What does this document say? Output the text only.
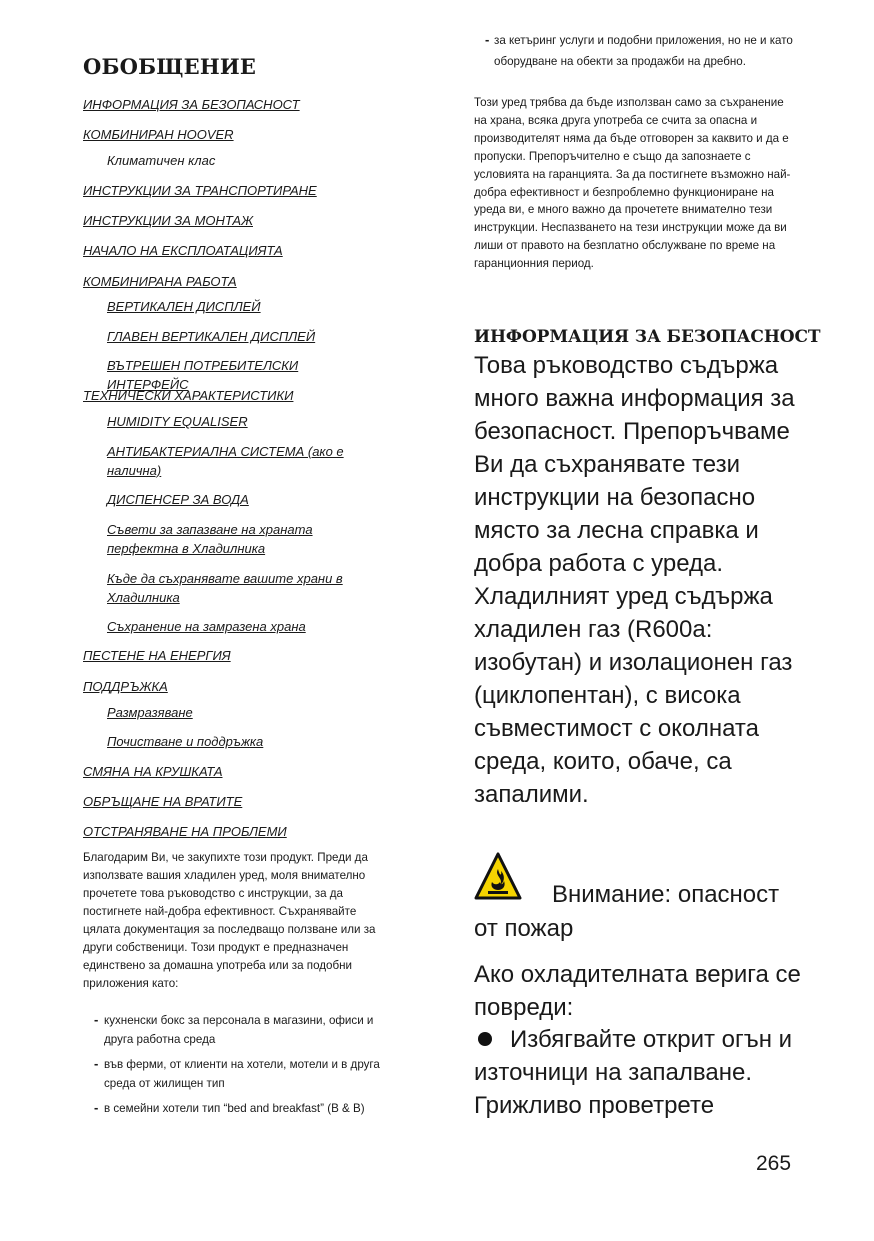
ОБОБЩЕНИЕ
ИНФОРМАЦИЯ ЗА БЕЗОПАСНОСТ
КОМБИНИРАН HOOVER
Климатичен клас
ИНСТРУКЦИИ ЗА ТРАНСПОРТИРАНЕ
ИНСТРУКЦИИ ЗА МОНТАЖ
НАЧАЛО НА ЕКСПЛОАТАЦИЯТА
КОМБИНИРАНА РАБОТА
ВЕРТИКАЛЕН ДИСПЛЕЙ
ГЛАВЕН ВЕРТИКАЛЕН ДИСПЛЕЙ
ВЪТРЕШЕН ПОТРЕБИТЕЛСКИ ИНТЕРФЕЙС
ТЕХНИЧЕСКИ ХАРАКТЕРИСТИКИ
HUMIDITY EQUALISER
АНТИБАКТЕРИАЛНА СИСТЕМА (ако е налична)
ДИСПЕНСЕР ЗА ВОДА
Съвети за запазване на храната перфектна в Хладилника
Къде да съхранявате вашите храни в Хладилника
Съхранение на замразена храна
ПЕСТЕНЕ НА ЕНЕРГИЯ
ПОДДРЪЖКА
Размразяване
Почистване и поддръжка
СМЯНА НА КРУШКАТА
ОБРЪЩАНЕ НА ВРАТИТЕ
ОТСТРАНЯВАНЕ НА ПРОБЛЕМИ

Благодарим Ви, че закупихте този продукт. Преди да използвате вашия хладилен уред, моля внимателно прочетете това ръководство с инструкции, за да постигнете най-добра ефективност. Съхранявайте цялата документация за последващо ползване или за други собственици. Този продукт е предназначен единствено за домашна употреба или за подобни приложения като:

- кухненски бокс за персонала в магазини, офиси и друга работна среда
- във ферми, от клиенти на хотели, мотели и в друга среда от жилищен тип
- в семейни хотели тип “bed and breakfast” (B & B)
- за кетъринг услуги и подобни приложения, но не и като оборудване на обекти за продажби на дребно.

Този уред трябва да бъде използван само за съхранение на храна, всяка друга употреба се счита за опасна и производителят няма да бъде отговорен за каквито и да е пропуски. Препоръчително е също да запознаете с условията на гаранцията. За да постигнете възможно най-добра ефективност и безпроблемно функциониране на уреда ви, е много важно да прочетете внимателно тези инструкции. Неспазването на тези инструкции може да ви лиши от правото на безплатно обслужване по време на гаранционния период.

ИНФОРМАЦИЯ ЗА БЕЗОПАСНОСТ

Това ръководство съдържа много важна информация за безопасност. Препоръчваме Ви да съхранявате тези инструкции на безопасно място за лесна справка и добра работа с уреда. Хладилният уред съдържа хладилен газ (R600a: изобутан) и изолационен газ (циклопентан), с висока съвместимост с околната среда, които, обаче, са запалими.

Внимание: опасност от пожар

Ако охладителната верига се повреди:

Избягвайте открит огън и източници на запалване. Грижливо проветрете

265
